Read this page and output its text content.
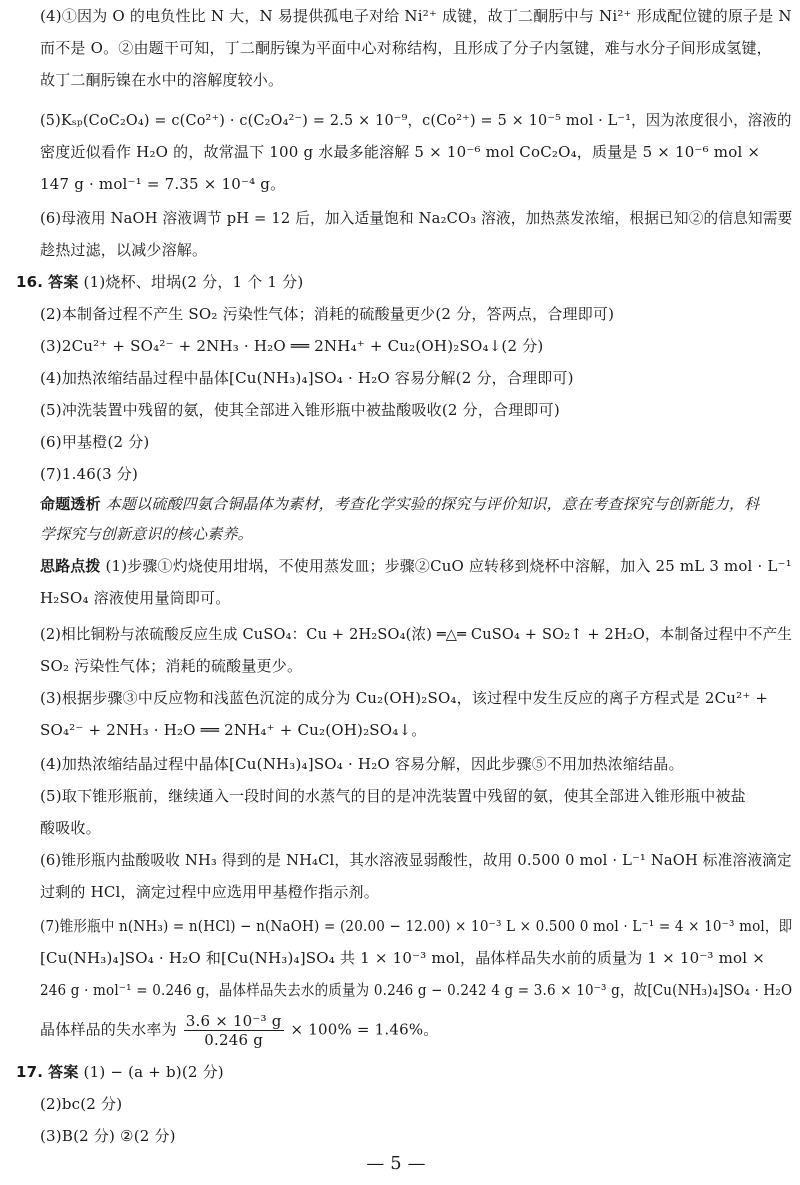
(4)①因为 O 的电负性比 N 大，N 易提供孤电子对给 Ni²⁺ 成键，故丁二酮肟中与 Ni²⁺ 形成配位键的原子是 N
而不是 O。②由题干可知，丁二酮肟镍为平面中心对称结构，且形成了分子内氢键，难与水分子间形成氢键，
故丁二酮肟镍在水中的溶解度较小。
(5)Kₛₚ(CoC₂O₄) = c(Co²⁺) · c(C₂O₄²⁻) = 2.5 × 10⁻⁹，c(Co²⁺) = 5 × 10⁻⁵ mol · L⁻¹，因为浓度很小，溶液的
密度近似看作 H₂O 的，故常温下 100 g 水最多能溶解 5 × 10⁻⁶ mol CoC₂O₄，质量是 5 × 10⁻⁶ mol ×
147 g · mol⁻¹ = 7.35 × 10⁻⁴ g。
(6)母液用 NaOH 溶液调节 pH = 12 后，加入适量饱和 Na₂CO₃ 溶液，加热蒸发浓缩，根据已知②的信息知需要
趁热过滤，以减少溶解。
16. 答案 (1)烧杯、坩埚(2 分，1 个 1 分)
(2)本制备过程不产生 SO₂ 污染性气体；消耗的硫酸量更少(2 分，答两点，合理即可)
(3)2Cu²⁺ + SO₄²⁻ + 2NH₃ · H₂O ══ 2NH₄⁺ + Cu₂(OH)₂SO₄↓(2 分)
(4)加热浓缩结晶过程中晶体[Cu(NH₃)₄]SO₄ · H₂O 容易分解(2 分，合理即可)
(5)冲洗装置中残留的氨，使其全部进入锥形瓶中被盐酸吸收(2 分，合理即可)
(6)甲基橙(2 分)
(7)1.46(3 分)
命题透析 本题以硫酸四氨合铜晶体为素材，考查化学实验的探究与评价知识，意在考查探究与创新能力，科
学探究与创新意识的核心素养。
思路点拨 (1)步骤①灼烧使用坩埚，不使用蒸发皿；步骤②CuO 应转移到烧杯中溶解，加入 25 mL 3 mol · L⁻¹
H₂SO₄ 溶液使用量筒即可。
(2)相比铜粉与浓硫酸反应生成 CuSO₄：Cu + 2H₂SO₄(浓) ═△═ CuSO₄ + SO₂↑ + 2H₂O，本制备过程中不产生
SO₂ 污染性气体；消耗的硫酸量更少。
(3)根据步骤③中反应物和浅蓝色沉淀的成分为 Cu₂(OH)₂SO₄，该过程中发生反应的离子方程式是 2Cu²⁺ +
SO₄²⁻ + 2NH₃ · H₂O ══ 2NH₄⁺ + Cu₂(OH)₂SO₄↓。
(4)加热浓缩结晶过程中晶体[Cu(NH₃)₄]SO₄ · H₂O 容易分解，因此步骤⑤不用加热浓缩结晶。
(5)取下锥形瓶前，继续通入一段时间的水蒸气的目的是冲洗装置中残留的氨，使其全部进入锥形瓶中被盐
酸吸收。
(6)锥形瓶内盐酸吸收 NH₃ 得到的是 NH₄Cl，其水溶液显弱酸性，故用 0.500 0 mol · L⁻¹ NaOH 标准溶液滴定
过剩的 HCl，滴定过程中应选用甲基橙作指示剂。
(7)锥形瓶中 n(NH₃) = n(HCl) − n(NaOH) = (20.00 − 12.00) × 10⁻³ L × 0.500 0 mol · L⁻¹ = 4 × 10⁻³ mol，即
[Cu(NH₃)₄]SO₄ · H₂O 和[Cu(NH₃)₄]SO₄ 共 1 × 10⁻³ mol，晶体样品失水前的质量为 1 × 10⁻³ mol ×
246 g · mol⁻¹ = 0.246 g，晶体样品失去水的质量为 0.246 g − 0.242 4 g = 3.6 × 10⁻³ g，故[Cu(NH₃)₄]SO₄ · H₂O
晶体样品的失水率为 $\frac{\text{3.6 × 10⁻³ g}}{0.246 g} \times 100\% = 1.46\%$。
17. 答案 (1) − (a + b)(2 分)
(2)bc(2 分)
(3)B(2 分) ②(2 分)
— 5 —
